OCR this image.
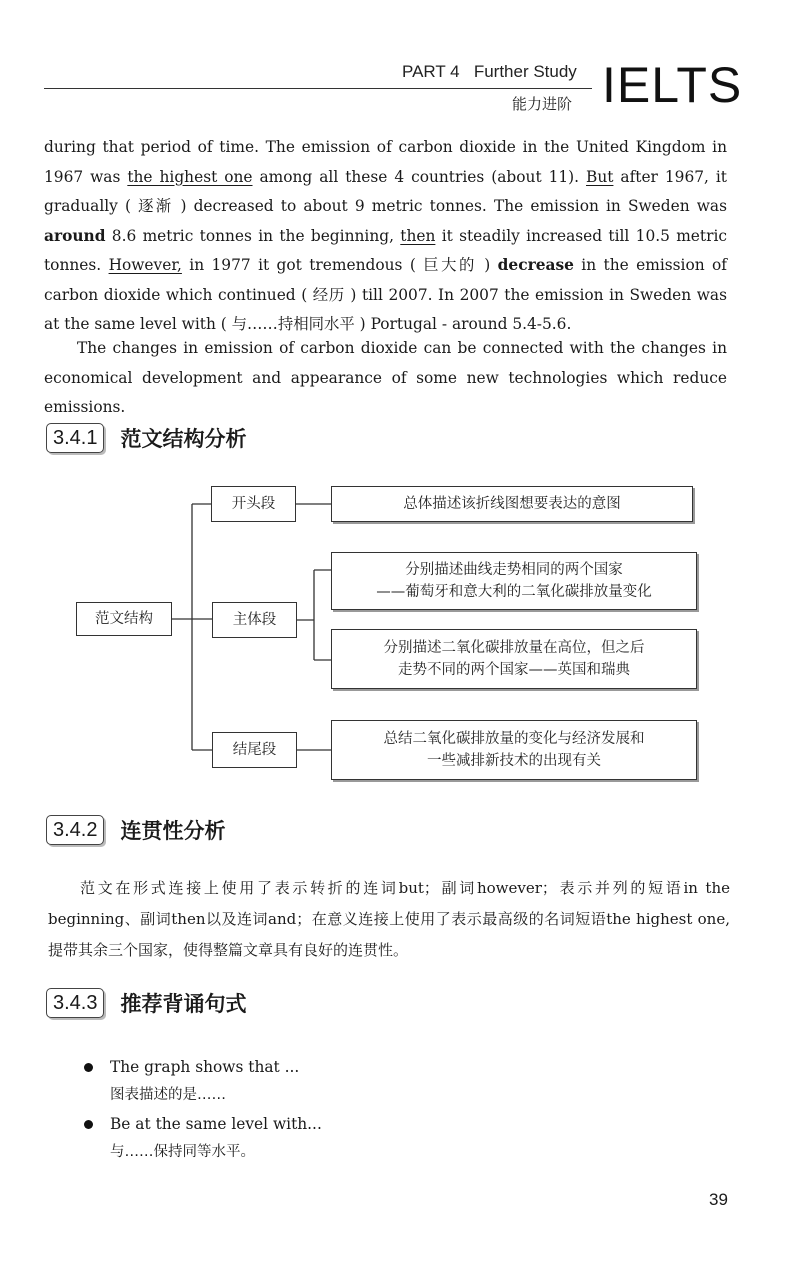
PART 4 Further Study
能力进阶 IELTS

during that period of time. The emission of carbon dioxide in the United Kingdom in 1967 was the highest one among all these 4 countries (about 11). But after 1967, it gradually ( 逐渐 ) decreased to about 9 metric tonnes. The emission in Sweden was around 8.6 metric tonnes in the beginning, then it steadily increased till 10.5 metric tonnes. However, in 1977 it got tremendous ( 巨大的 ) decrease in the emission of carbon dioxide which continued ( 经历 ) till 2007. In 2007 the emission in Sweden was at the same level with ( 与……持相同水平 ) Portugal - around 5.4-5.6.

The changes in emission of carbon dioxide can be connected with the changes in economical development and appearance of some new technologies which reduce emissions.
3.4.1	范文结构分析
范文结构
开头段
主体段
结尾段
总体描述该折线图想要表达的意图
分别描述曲线走势相同的两个国家
——葡萄牙和意大利的二氧化碳排放量变化
分别描述二氧化碳排放量在高位，但之后
走势不同的两个国家——英国和瑞典
总结二氧化碳排放量的变化与经济发展和
一些减排新技术的出现有关
3.4.2	连贯性分析
范文在形式连接上使用了表示转折的连词but；副词however；表示并列的短语in the beginning、副词then以及连词and；在意义连接上使用了表示最高级的名词短语the highest one, 提带其余三个国家，使得整篇文章具有良好的连贯性。
3.4.3	推荐背诵句式
The graph shows that ...
图表描述的是……
Be at the same level with...
与……保持同等水平。
39
